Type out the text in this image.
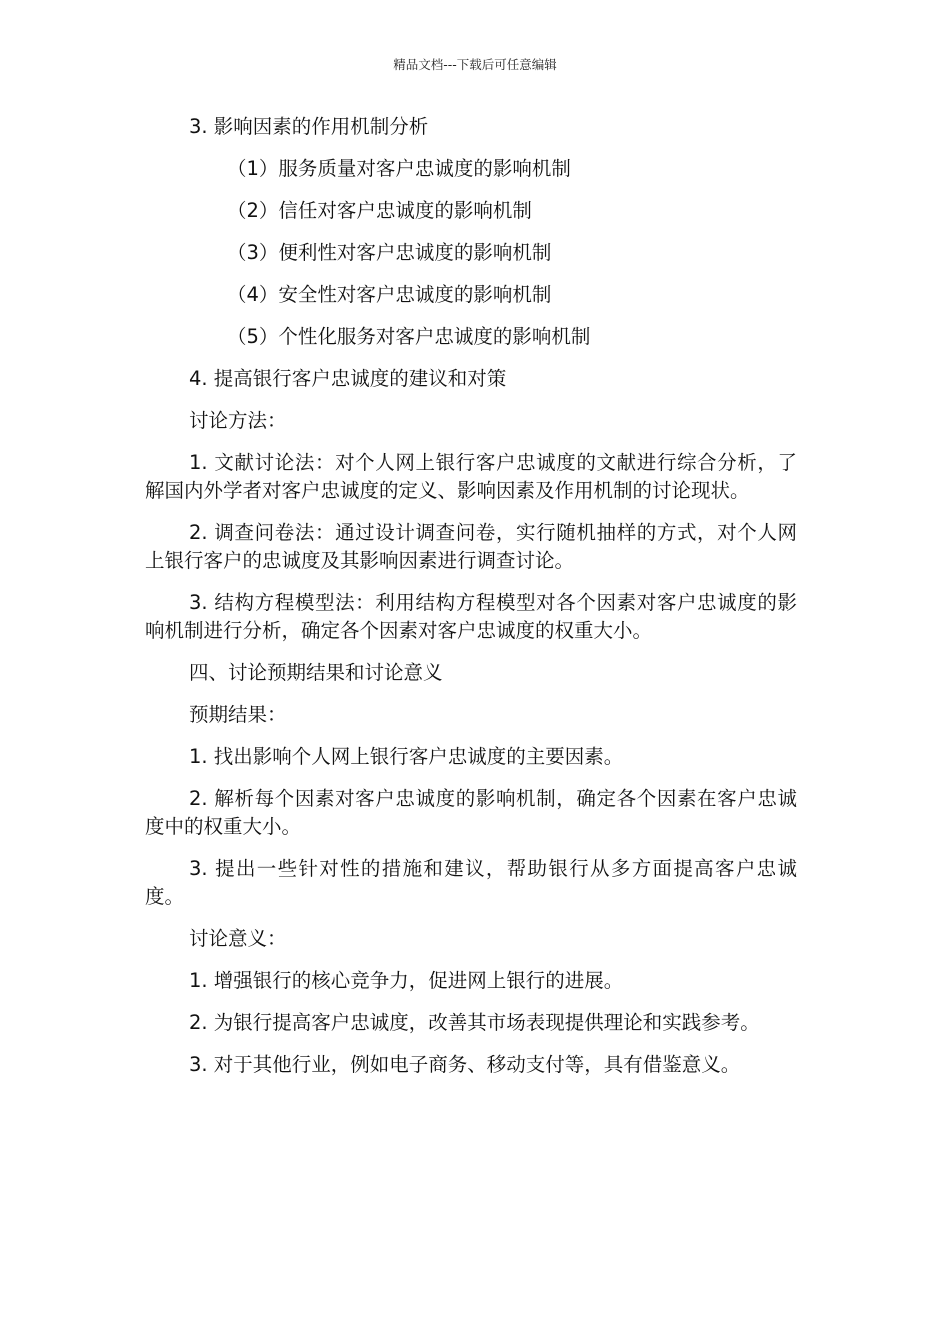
精品文档---下载后可任意编辑

3. 影响因素的作用机制分析

（1）服务质量对客户忠诚度的影响机制

（2）信任对客户忠诚度的影响机制

（3）便利性对客户忠诚度的影响机制

（4）安全性对客户忠诚度的影响机制

（5）个性化服务对客户忠诚度的影响机制

4. 提高银行客户忠诚度的建议和对策

讨论方法：

1. 文献讨论法：对个人网上银行客户忠诚度的文献进行综合分析，了解国内外学者对客户忠诚度的定义、影响因素及作用机制的讨论现状。

2. 调查问卷法：通过设计调查问卷，实行随机抽样的方式，对个人网上银行客户的忠诚度及其影响因素进行调查讨论。

3. 结构方程模型法：利用结构方程模型对各个因素对客户忠诚度的影响机制进行分析，确定各个因素对客户忠诚度的权重大小。

四、讨论预期结果和讨论意义

预期结果：

1. 找出影响个人网上银行客户忠诚度的主要因素。

2. 解析每个因素对客户忠诚度的影响机制，确定各个因素在客户忠诚度中的权重大小。

3. 提出一些针对性的措施和建议，帮助银行从多方面提高客户忠诚度。

讨论意义：

1. 增强银行的核心竞争力，促进网上银行的进展。

2. 为银行提高客户忠诚度，改善其市场表现提供理论和实践参考。

3. 对于其他行业，例如电子商务、移动支付等，具有借鉴意义。
